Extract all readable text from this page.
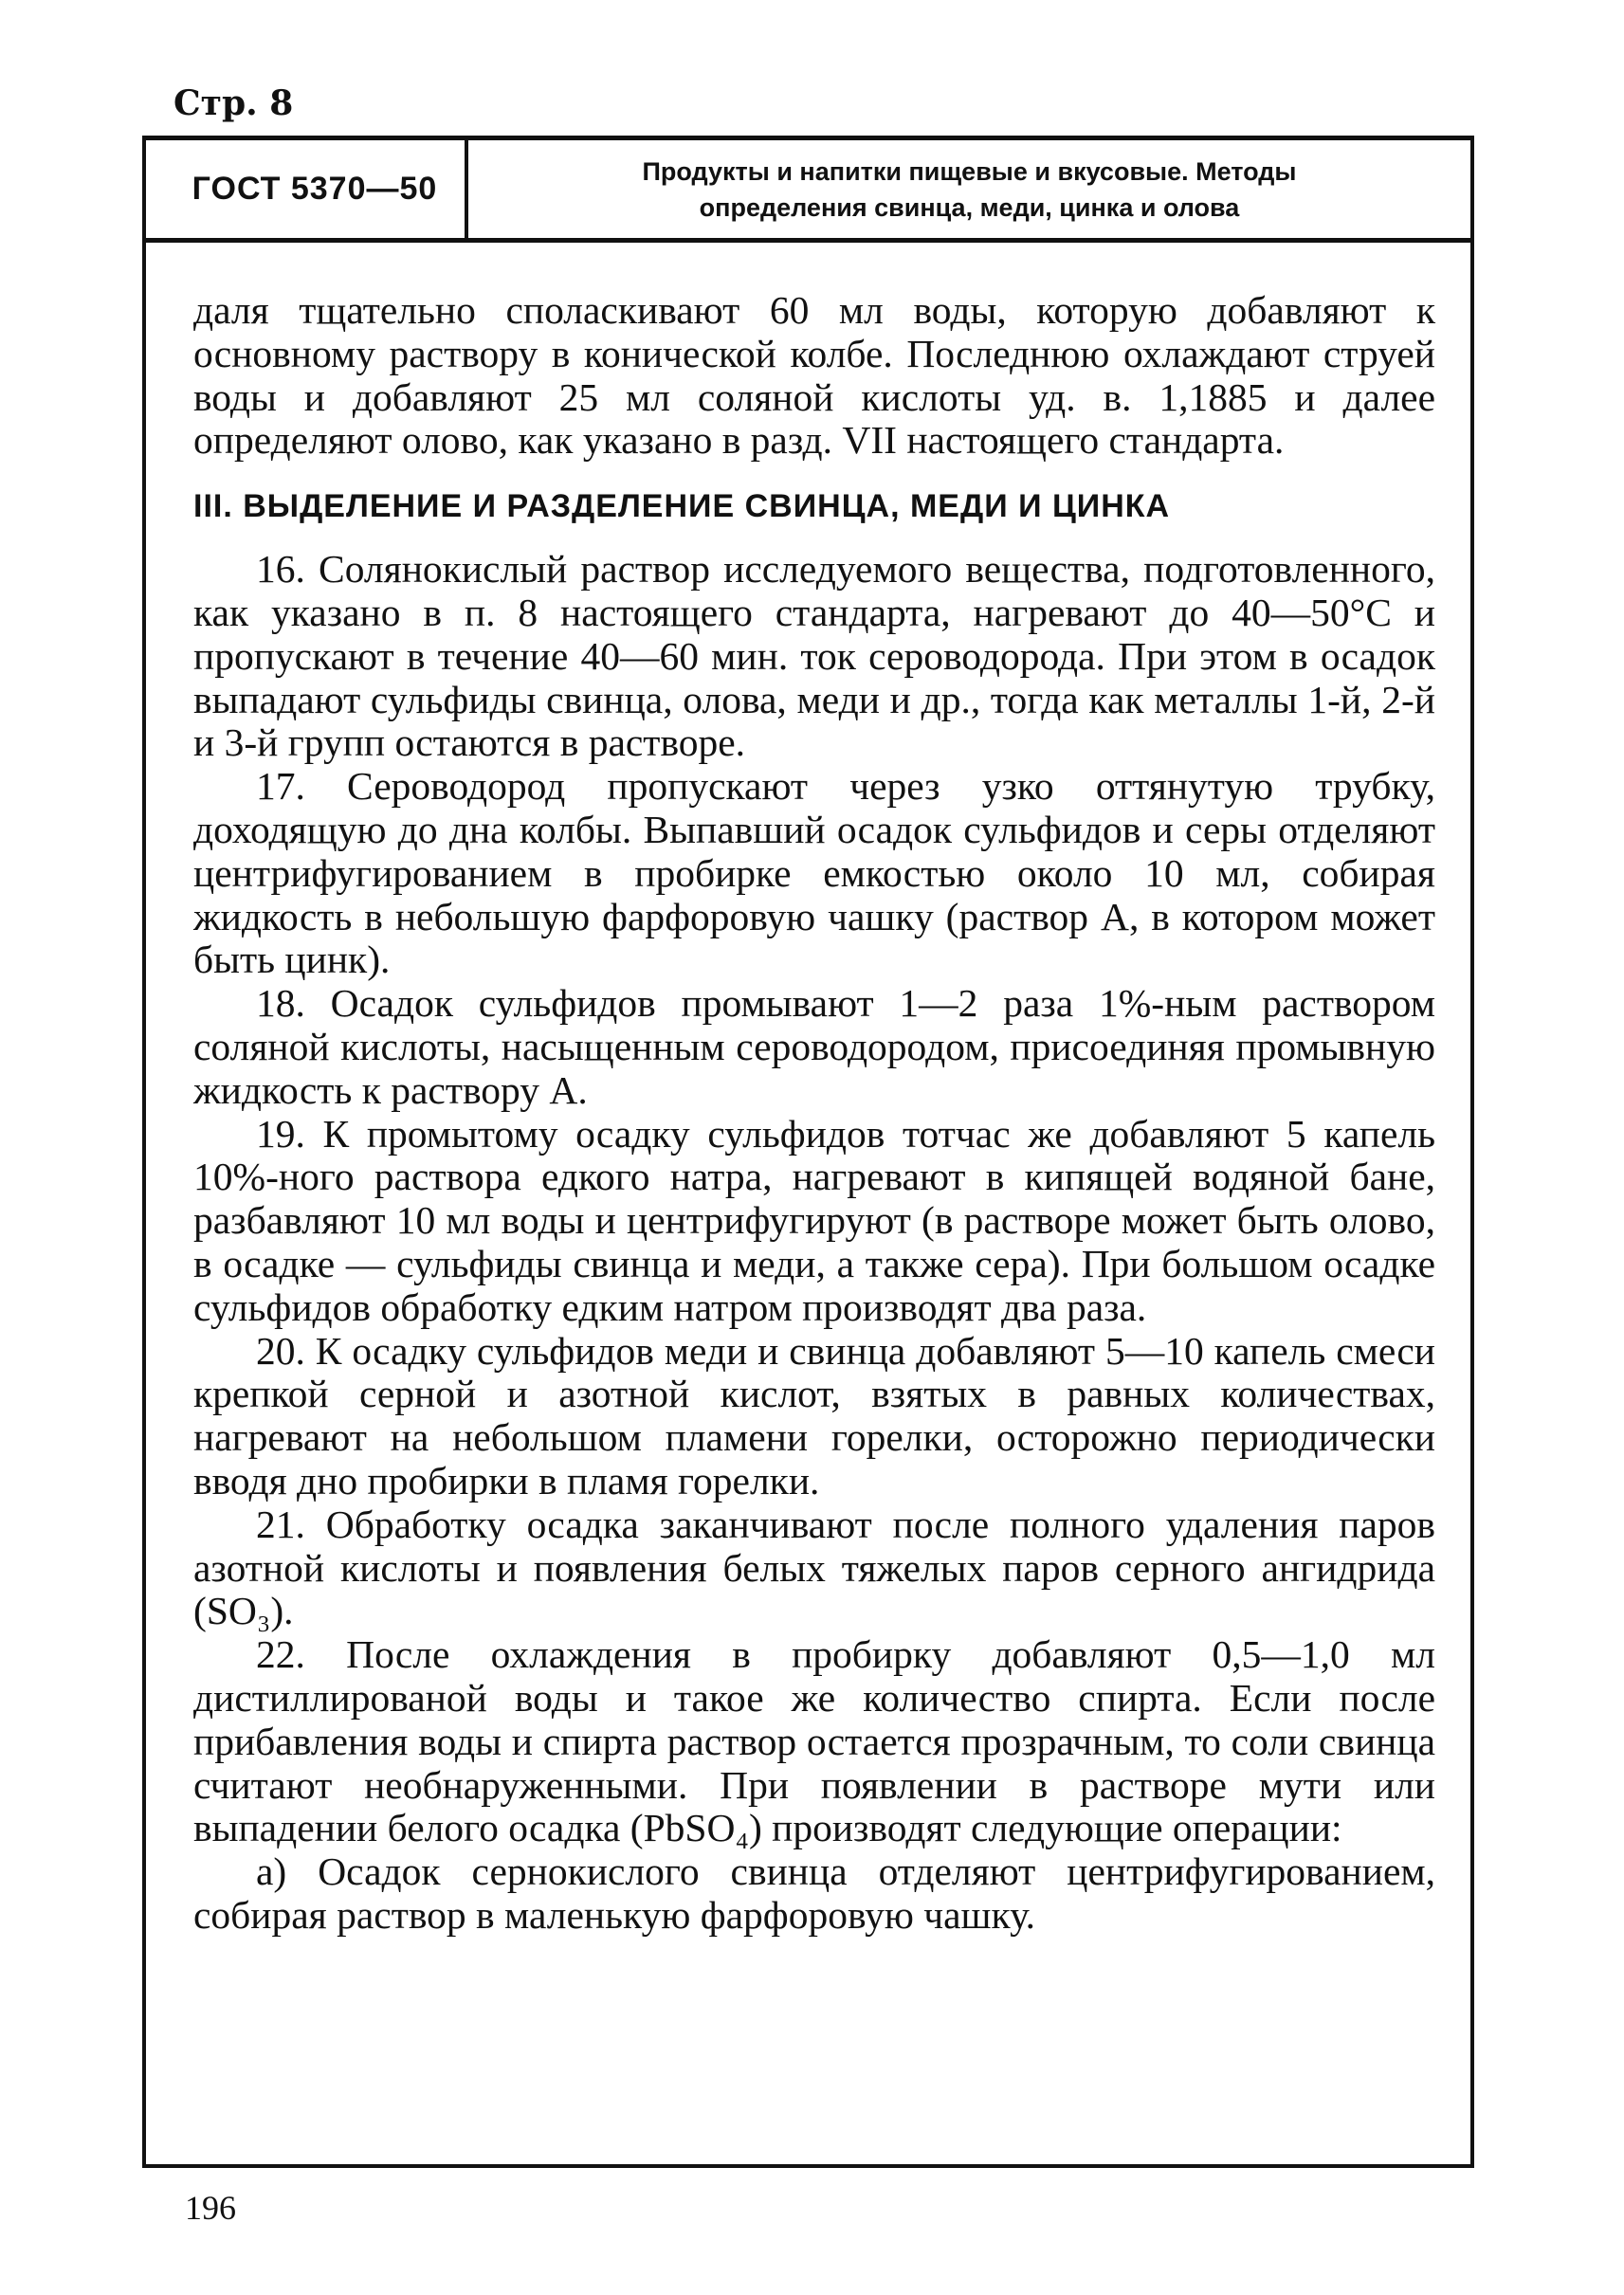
Стр. 8
ГОСТ 5370—50	Продукты и напитки пищевые и вкусовые. Методы
определения свинца, меди, цинка и олова

даля тщательно споласкивают 60 мл воды, которую добавляют к основному раствору в конической колбе. Последнюю охлаждают струей воды и добавляют 25 мл соляной кислоты уд. в. 1,1885 и далее определяют олово, как указано в разд. VII настоящего стандарта.

III. ВЫДЕЛЕНИЕ И РАЗДЕЛЕНИЕ СВИНЦА, МЕДИ И ЦИНКА

16. Солянокислый раствор исследуемого вещества, подготовленного, как указано в п. 8 настоящего стандарта, нагревают до 40—50°С и пропускают в течение 40—60 мин. ток сероводорода. При этом в осадок выпадают сульфиды свинца, олова, меди и др., тогда как металлы 1-й, 2-й и 3-й групп остаются в растворе.

17. Сероводород пропускают через узко оттянутую трубку, доходящую до дна колбы. Выпавший осадок сульфидов и серы отделяют центрифугированием в пробирке емкостью около 10 мл, собирая жидкость в небольшую фарфоровую чашку (раствор А, в котором может быть цинк).

18. Осадок сульфидов промывают 1—2 раза 1%-ным раствором соляной кислоты, насыщенным сероводородом, присоединяя промывную жидкость к раствору А.

19. К промытому осадку сульфидов тотчас же добавляют 5 капель 10%-ного раствора едкого натра, нагревают в кипящей водяной бане, разбавляют 10 мл воды и центрифугируют (в растворе может быть олово, в осадке — сульфиды свинца и меди, а также сера). При большом осадке сульфидов обработку едким натром производят два раза.

20. К осадку сульфидов меди и свинца добавляют 5—10 капель смеси крепкой серной и азотной кислот, взятых в равных количествах, нагревают на небольшом пламени горелки, осторожно периодически вводя дно пробирки в пламя горелки.

21. Обработку осадка заканчивают после полного удаления паров азотной кислоты и появления белых тяжелых паров серного ангидрида (SO₃).

22. После охлаждения в пробирку добавляют 0,5—1,0 мл дистиллированой воды и такое же количество спирта. Если после прибавления воды и спирта раствор остается прозрачным, то соли свинца считают необнаруженными. При появлении в растворе мути или выпадении белого осадка (PbSO₄) производят следующие операции:

а) Осадок сернокислого свинца отделяют центрифугированием, собирая раствор в маленькую фарфоровую чашку.

196
